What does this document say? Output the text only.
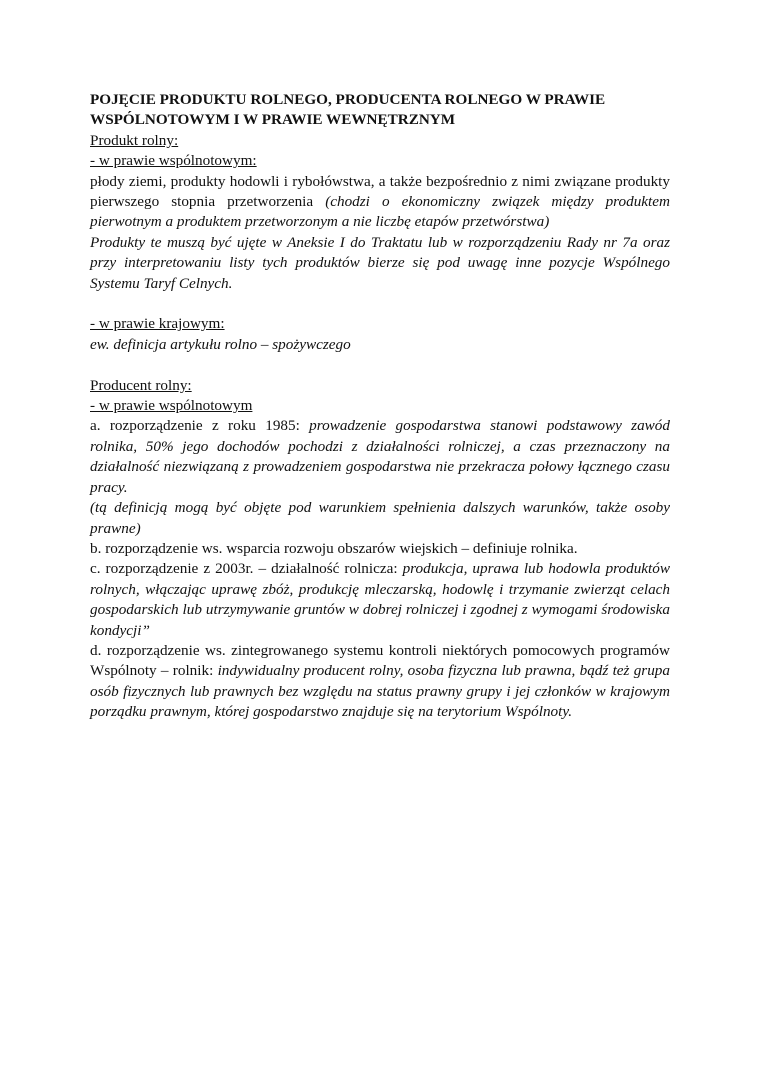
POJĘCIE PRODUKTU ROLNEGO, PRODUCENTA ROLNEGO W PRAWIE WSPÓLNOTOWYM I W PRAWIE WEWNĘTRZNYM

Produkt rolny:
- w prawie wspólnotowym:

płody ziemi, produkty hodowli i rybołówstwa, a także bezpośrednio z nimi związane produkty pierwszego stopnia przetworzenia (chodzi o ekonomiczny związek między produktem pierwotnym a produktem przetworzonym a nie liczbę etapów przetwórstwa)

Produkty te muszą być ujęte w Aneksie I do Traktatu lub w rozporządzeniu Rady nr 7a oraz przy interpretowaniu listy tych produktów bierze się pod uwagę inne pozycje Wspólnego Systemu Taryf Celnych.

- w prawie krajowym:

ew. definicja artykułu rolno – spożywczego

Producent rolny:
- w prawie wspólnotowym

a. rozporządzenie z roku 1985: prowadzenie gospodarstwa stanowi podstawowy zawód rolnika, 50% jego dochodów pochodzi z działalności rolniczej, a czas przeznaczony na działalność niezwiązaną z prowadzeniem gospodarstwa nie przekracza połowy łącznego czasu pracy.

(tą definicją mogą być objęte pod warunkiem spełnienia dalszych warunków, także osoby prawne)

b. rozporządzenie ws. wsparcia rozwoju obszarów wiejskich – definiuje rolnika.

c. rozporządzenie z 2003r. – działalność rolnicza: produkcja, uprawa lub hodowla produktów rolnych, włączając uprawę zbóż, produkcję mleczarską, hodowlę i trzymanie zwierząt celach gospodarskich lub utrzymywanie gruntów w dobrej rolniczej i zgodnej z wymogami środowiska kondycji”

d. rozporządzenie ws. zintegrowanego systemu kontroli niektórych pomocowych programów Wspólnoty – rolnik: indywidualny producent rolny, osoba fizyczna lub prawna, bądź też grupa osób fizycznych lub prawnych bez względu na status prawny grupy i jej członków w krajowym porządku prawnym, której gospodarstwo znajduje się na terytorium Wspólnoty.
